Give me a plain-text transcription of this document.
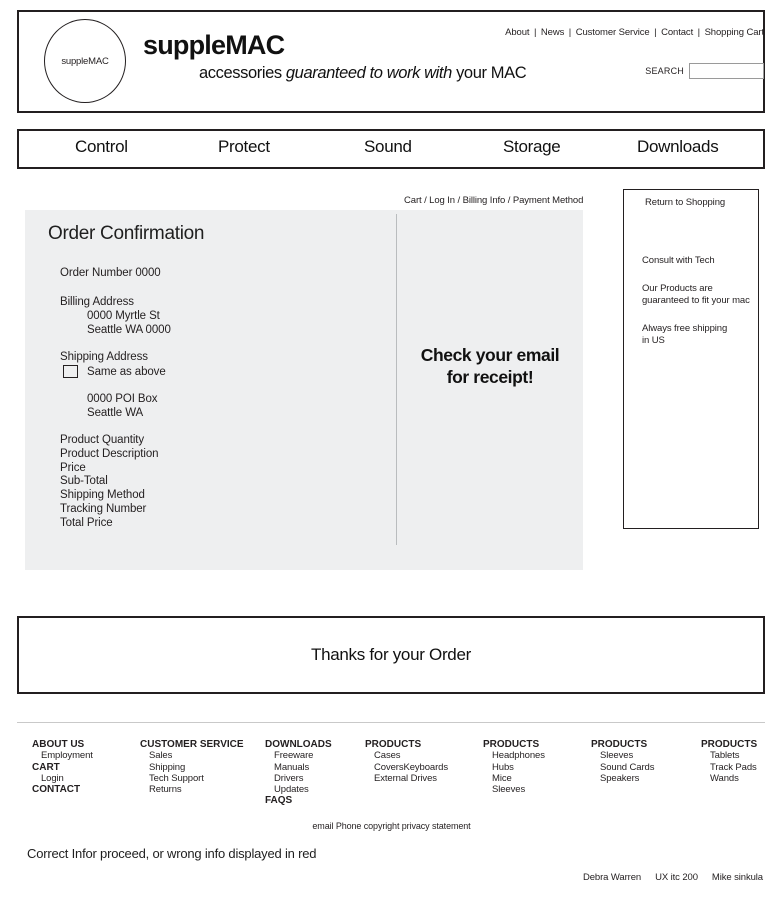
suppleMAC
suppleMAC
accessories guaranteed to work with your MAC
About | News | Customer Service | Contact | Shopping Cart
SEARCH
Control	Protect	Sound	Storage	Downloads
Cart / Log In / Billing Info / Payment Method
Order Confirmation
Order Number 0000
Billing Address
0000 Myrtle St
Seattle WA 0000
Shipping Address
Same as above
0000 POI Box
Seattle WA
Product Quantity
Product Description
Price
Sub-Total
Shipping Method
Tracking Number
Total Price
Check your email
for receipt!
Return to Shopping
Consult with Tech
Our Products are
guaranteed to fit your mac
Always free shipping
in US
Thanks for your Order
ABOUT US
Employment
CART
Login
CONTACT
CUSTOMER SERVICE
Sales
Shipping
Tech Support
Returns
DOWNLOADS
Freeware
Manuals
Drivers
Updates
FAQS
PRODUCTS
Cases
CoversKeyboards
External Drives
PRODUCTS
Headphones
Hubs
Mice
Sleeves
PRODUCTS
Sleeves
Sound Cards
Speakers
PRODUCTS
Tablets
Track Pads
Wands
email Phone copyright privacy statement
Correct Infor proceed, or wrong info displayed in red
Debra Warren UX itc 200 Mike sinkula
